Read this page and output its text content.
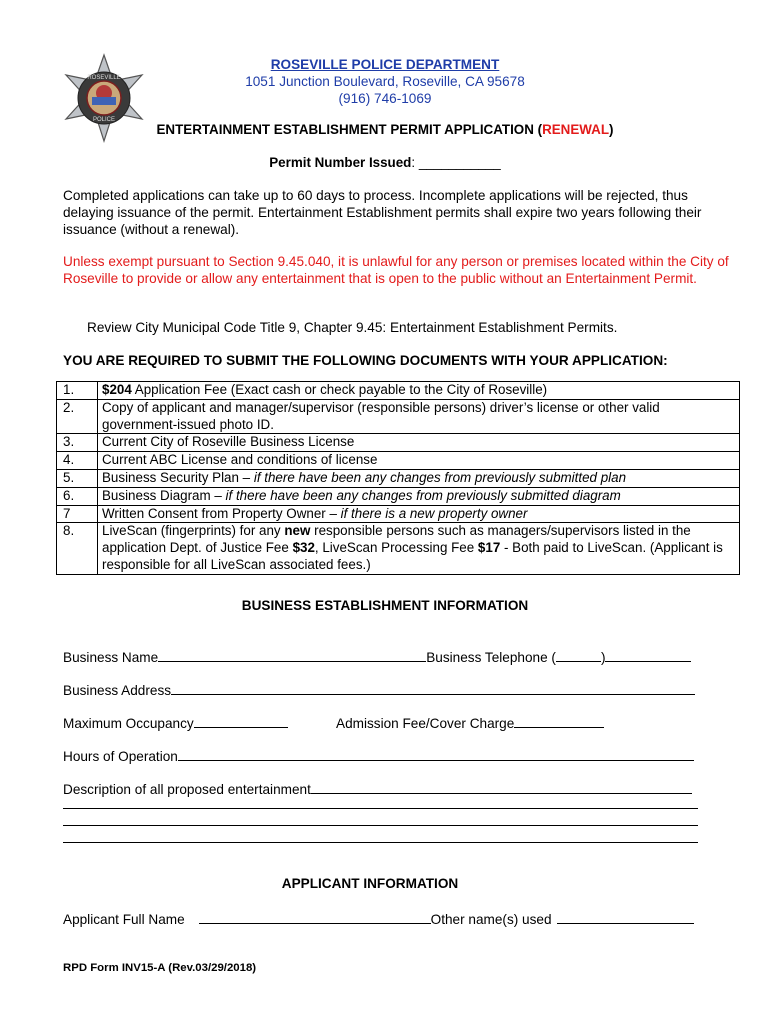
ROSEVILLE
POLICE
ROSEVILLE POLICE DEPARTMENT
1051 Junction Boulevard, Roseville, CA 95678
(916) 746-1069
ENTERTAINMENT ESTABLISHMENT PERMIT APPLICATION (RENEWAL)
Permit Number Issued: ___________
Completed applications can take up to 60 days to process. Incomplete applications will be rejected, thus delaying issuance of the permit. Entertainment Establishment permits shall expire two years following their issuance (without a renewal).
Unless exempt pursuant to Section 9.45.040, it is unlawful for any person or premises located within the City of Roseville to provide or allow any entertainment that is open to the public without an Entertainment Permit.
Review City Municipal Code Title 9, Chapter 9.45: Entertainment Establishment Permits.
YOU ARE REQUIRED TO SUBMIT THE FOLLOWING DOCUMENTS WITH YOUR APPLICATION:
1.	$204 Application Fee (Exact cash or check payable to the City of Roseville)
2.	Copy of applicant and manager/supervisor (responsible persons) driver’s license or other valid government-issued photo ID.
3.	Current City of Roseville Business License
4.	Current ABC License and conditions of license
5.	Business Security Plan – if there have been any changes from previously submitted plan
6.	Business Diagram – if there have been any changes from previously submitted diagram
7	Written Consent from Property Owner – if there is a new property owner
8.	LiveScan (fingerprints) for any new responsible persons such as managers/supervisors listed in the application Dept. of Justice Fee $32, LiveScan Processing Fee $17 - Both paid to LiveScan. (Applicant is responsible for all LiveScan associated fees.)
BUSINESS ESTABLISHMENT INFORMATION
Business Name	Business Telephone (	)
Business Address
Maximum Occupancy	Admission Fee/Cover Charge
Hours of Operation
Description of all proposed entertainment
APPLICANT INFORMATION
Applicant Full Name	Other name(s) used
RPD Form INV15-A (Rev.03/29/2018)
